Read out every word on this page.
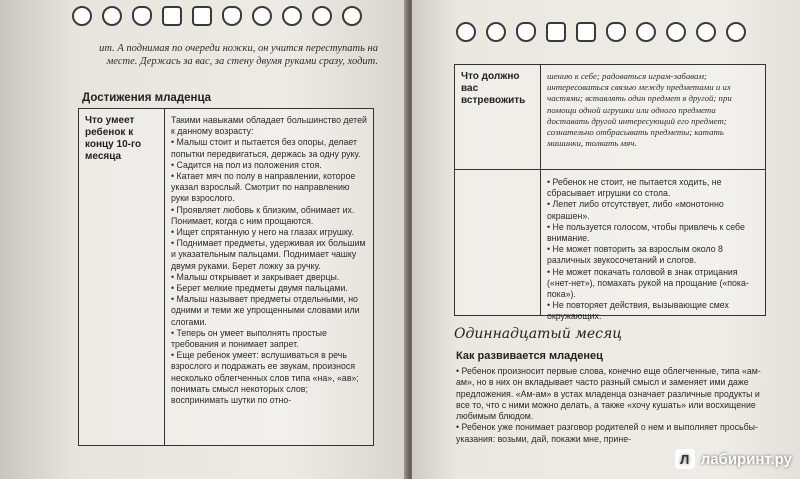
ит. А поднимая по очереди ножки, он учится переступать на месте. Держась за вас, за стену двумя руками сразу, ходит.
Достижения младенца
Что умеет ребенок к концу 10-го месяца
Такими навыками обладает большинство детей к данному возрасту:
• Малыш стоит и пытается без опоры, делает попытки передвигаться, держась за одну руку.
• Садится на пол из положения стоя.
• Катает мяч по полу в направлении, которое указал взрослый. Смотрит по направлению руки взрослого.
• Проявляет любовь к близким, обнимает их. Понимает, когда с ним прощаются.
• Ищет спрятанную у него на глазах игрушку.
• Поднимает предметы, удерживая их большим и указательным пальцами. Поднимает чашку двумя руками. Берет ложку за ручку.
• Малыш открывает и закрывает дверцы.
• Берет мелкие предметы двумя пальцами.
• Малыш называет предметы отдельными, но одними и теми же упрощенными словами или слогами.
• Теперь он умеет выполнять простые требования и понимает запрет.
• Еще ребенок умеет: вслушиваться в речь взрослого и подражать ее звукам, произнося несколько облегченных слов типа «на», «ав»; понимать смысл некоторых слов; воспринимать шутки по отно-
Что должно вас встревожить
шению к себе; радоваться играм-забавам; интересоваться связью между предметами и их частями; вставлять один предмет в другой; при помощи одной игрушки или одного предмета доставать другой интересующий его предмет; сознательно отбрасывать предметы; катать машинки, толкать мяч.
• Ребенок не стоит, не пытается ходить, не сбрасывает игрушки со стола.
• Лепет либо отсутствует, либо «монотонно окрашен».
• Не пользуется голосом, чтобы привлечь к себе внимание.
• Не может повторить за взрослым около 8 различных звукосочетаний и слогов.
• Не может покачать головой в знак отрицания («нет-нет»), помахать рукой на прощание («пока-пока»).
• Не повторяет действия, вызывающие смех окружающих.
Одиннадцатый месяц
Как развивается младенец
• Ребенок произносит первые слова, конечно еще облегченные, типа «ам-ам», но в них он вкладывает часто разный смысл и заменяет ими даже предложения. «Ам-ам» в устах младенца означает различные продукты и все то, что с ними можно делать, а также «хочу кушать» или восхищение любимым блюдом.
• Ребенок уже понимает разговор родителей о нем и выполняет просьбы-указания: возьми, дай, покажи мне, прине-
Л лабиринт.ру
